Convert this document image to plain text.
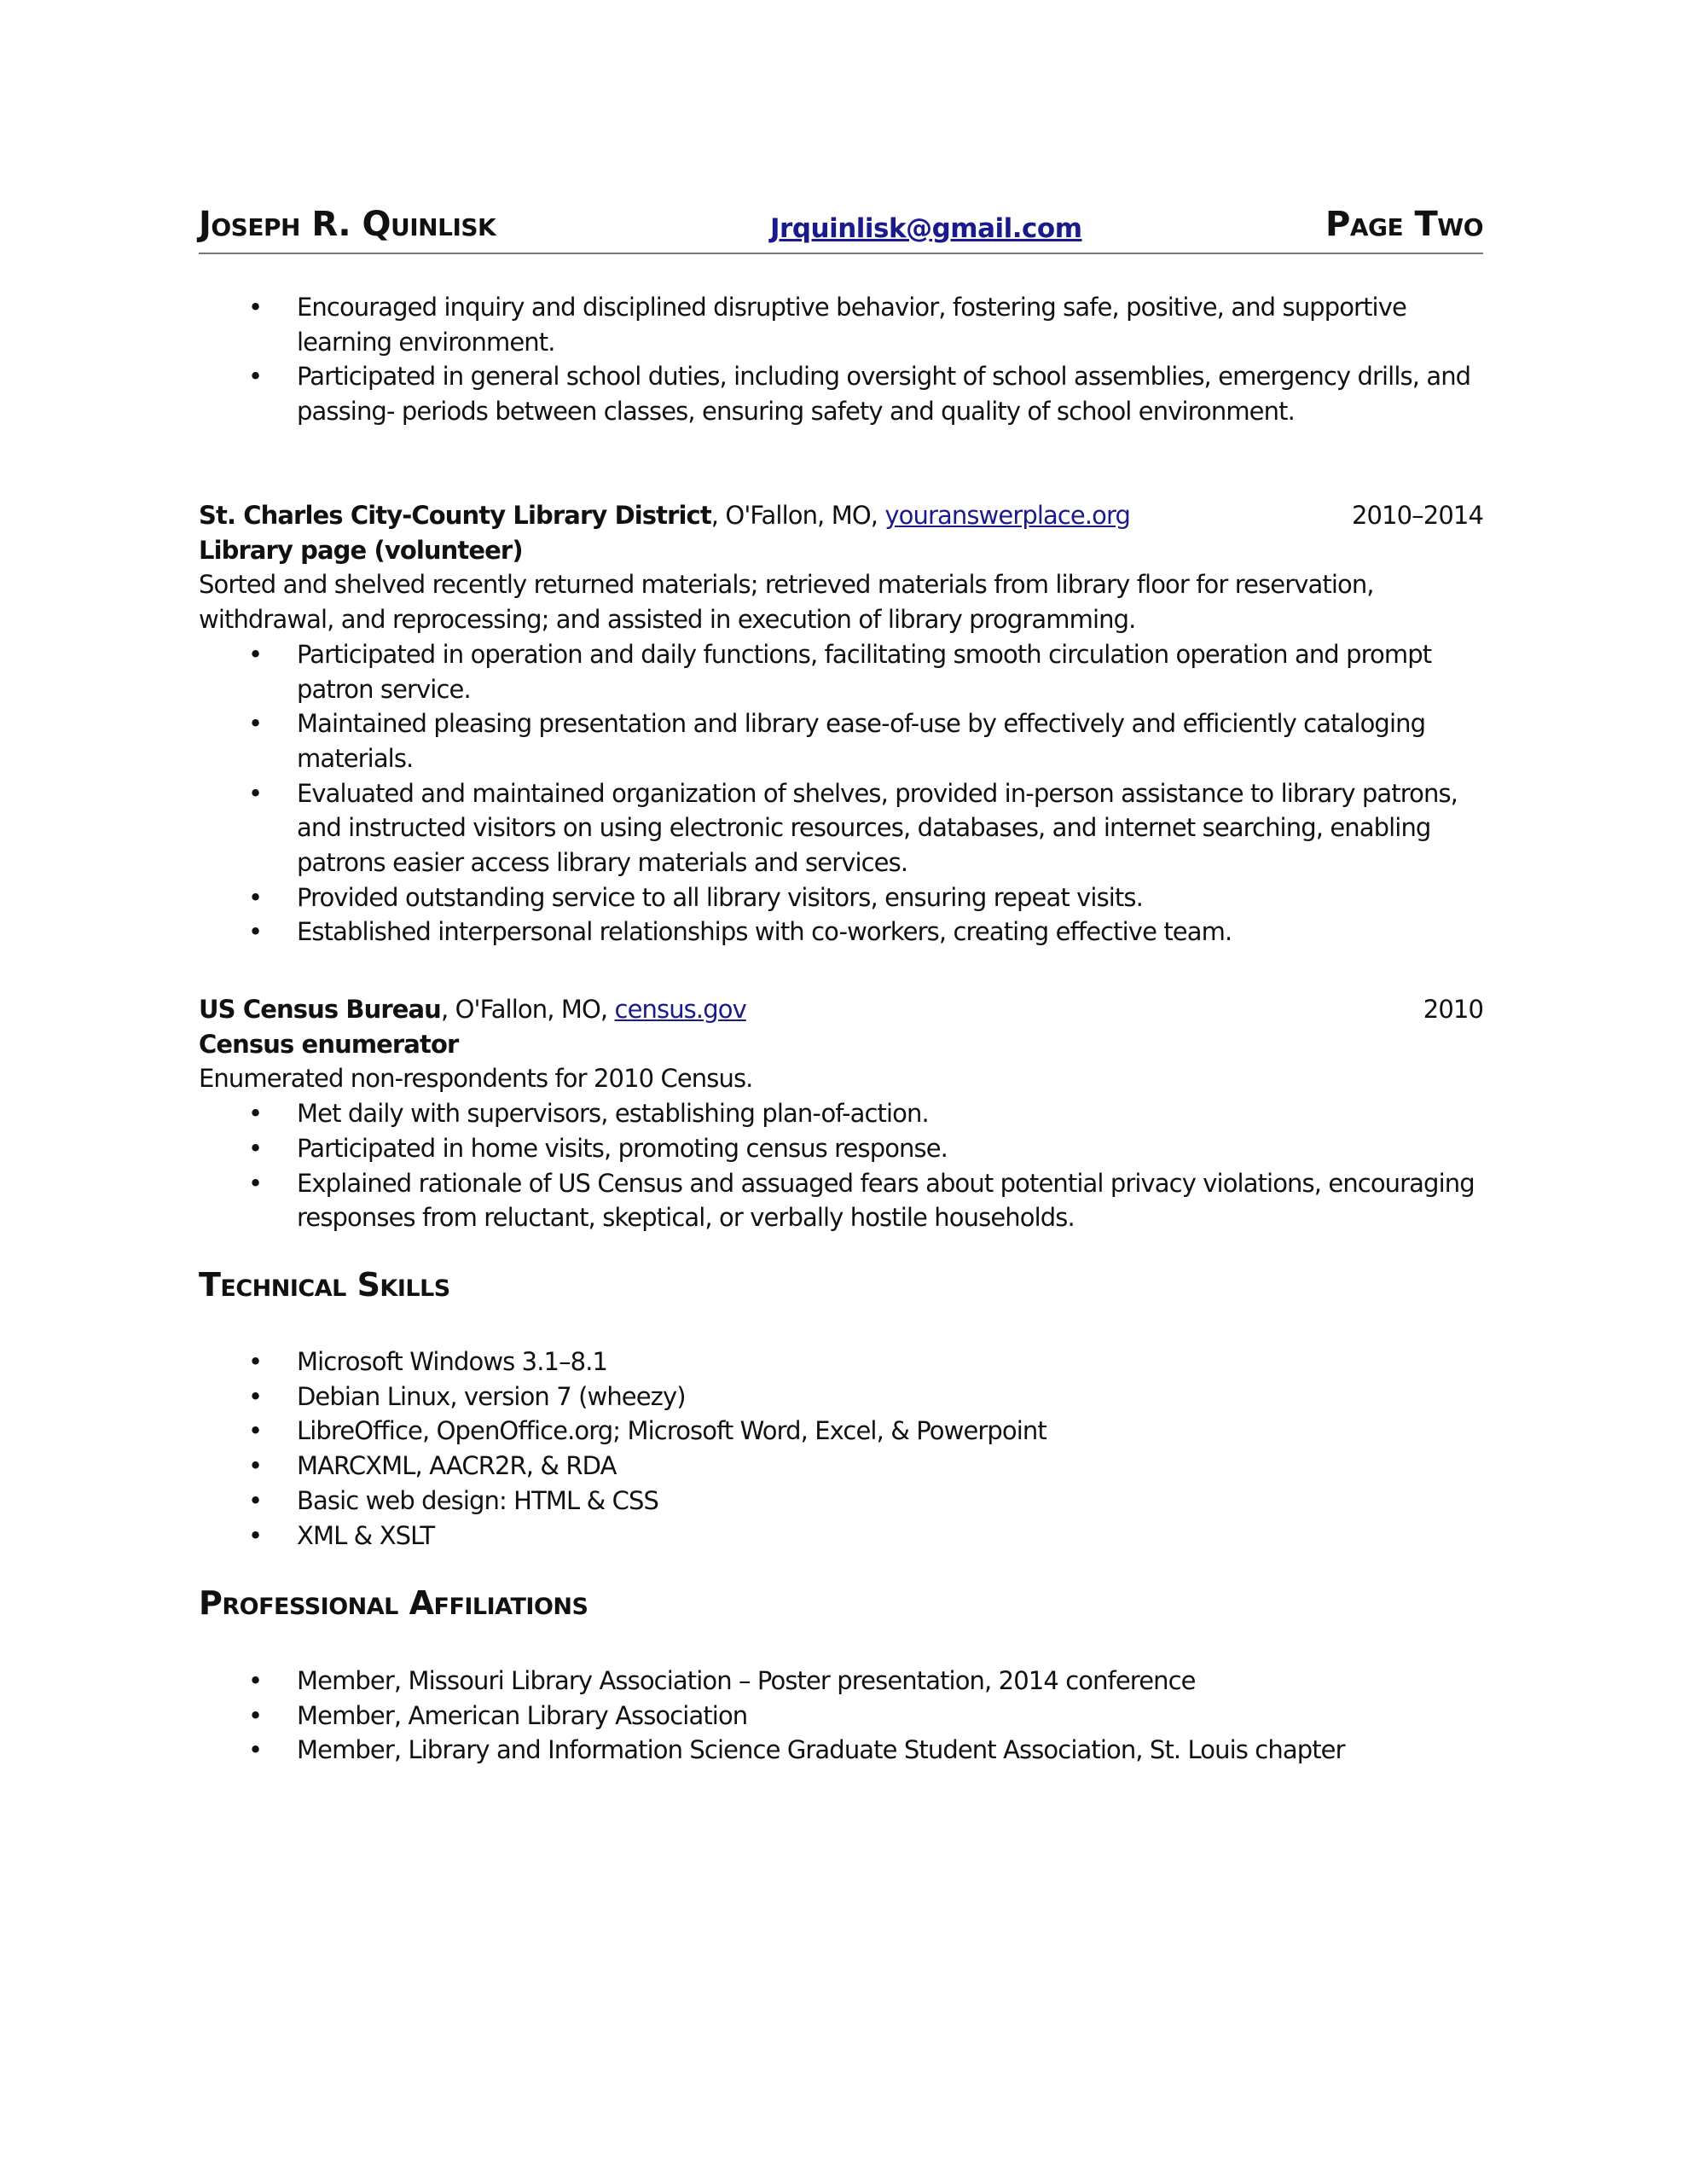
Joseph R. Quinlisk	Jrquinlisk@gmail.com	Page Two
• Encouraged inquiry and disciplined disruptive behavior, fostering safe, positive, and supportive learning environment.
• Participated in general school duties, including oversight of school assemblies, emergency drills, and passing- periods between classes, ensuring safety and quality of school environment.
St. Charles City-County Library District, O'Fallon, MO, youranswerplace.org	2010–2014
Library page (volunteer)
Sorted and shelved recently returned materials; retrieved materials from library floor for reservation, withdrawal, and reprocessing; and assisted in execution of library programming.
• Participated in operation and daily functions, facilitating smooth circulation operation and prompt patron service.
• Maintained pleasing presentation and library ease-of-use by effectively and efficiently cataloging materials.
• Evaluated and maintained organization of shelves, provided in-person assistance to library patrons, and instructed visitors on using electronic resources, databases, and internet searching, enabling patrons easier access library materials and services.
• Provided outstanding service to all library visitors, ensuring repeat visits.
• Established interpersonal relationships with co-workers, creating effective team.
US Census Bureau, O'Fallon, MO, census.gov	2010
Census enumerator
Enumerated non-respondents for 2010 Census.
• Met daily with supervisors, establishing plan-of-action.
• Participated in home visits, promoting census response.
• Explained rationale of US Census and assuaged fears about potential privacy violations, encouraging responses from reluctant, skeptical, or verbally hostile households.
Technical Skills
• Microsoft Windows 3.1–8.1
• Debian Linux, version 7 (wheezy)
• LibreOffice, OpenOffice.org; Microsoft Word, Excel, & Powerpoint
• MARCXML, AACR2R, & RDA
• Basic web design: HTML & CSS
• XML & XSLT
Professional Affiliations
• Member, Missouri Library Association – Poster presentation, 2014 conference
• Member, American Library Association
• Member, Library and Information Science Graduate Student Association, St. Louis chapter
